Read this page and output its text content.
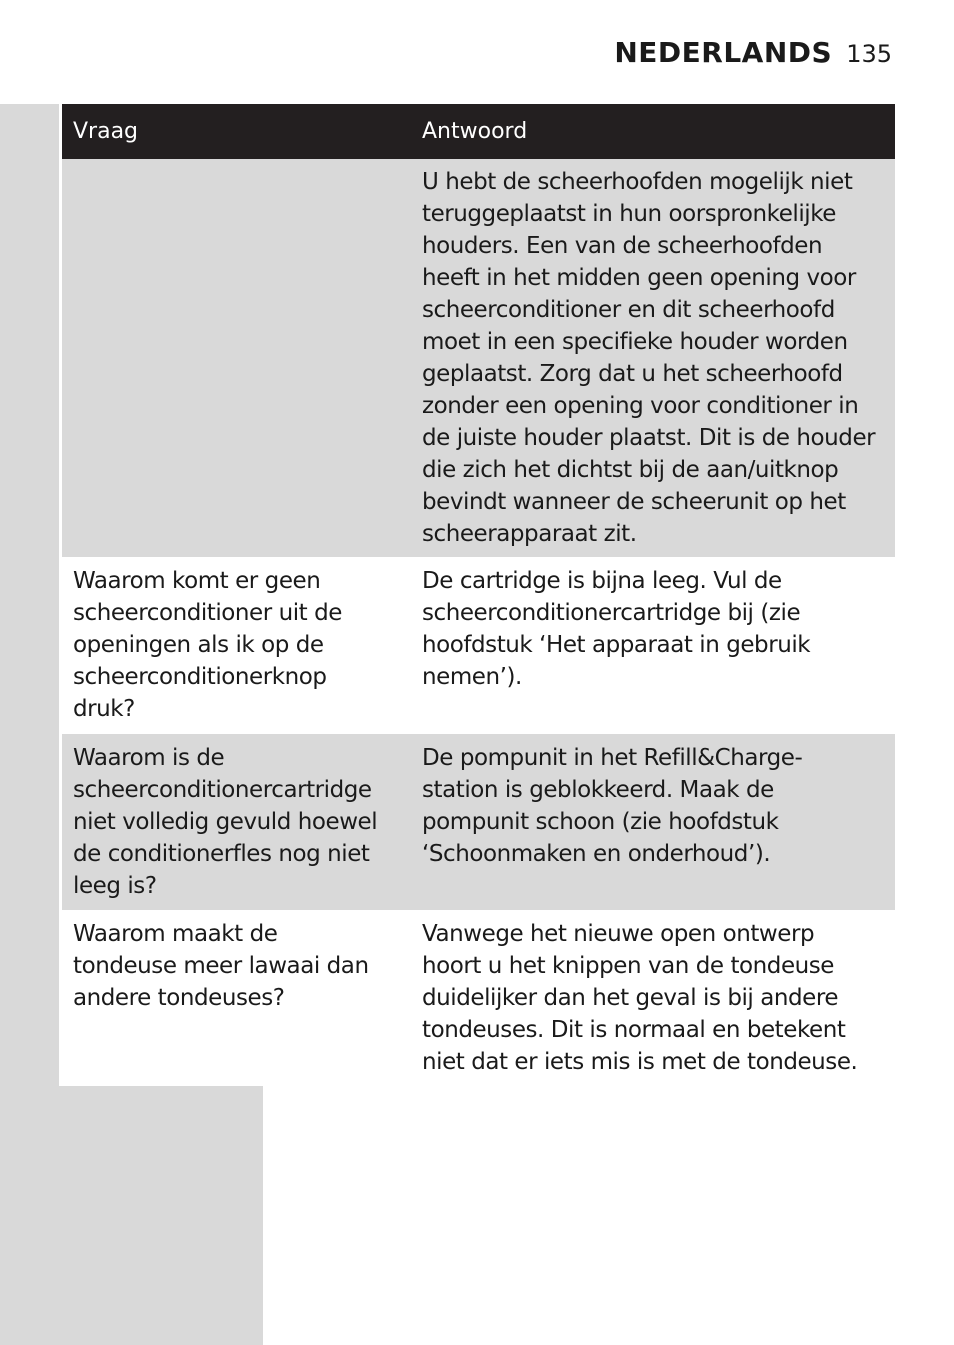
NEDERLANDS 135
Vraag	Antwoord
U hebt de scheerhoofden mogelijk niet
teruggeplaatst in hun oorspronkelijke
houders. Een van de scheerhoofden
heeft in het midden geen opening voor
scheerconditioner en dit scheerhoofd
moet in een specifieke houder worden
geplaatst. Zorg dat u het scheerhoofd
zonder een opening voor conditioner in
de juiste houder plaatst. Dit is de houder
die zich het dichtst bij de aan/uitknop
bevindt wanneer de scheerunit op het
scheerapparaat zit.
Waarom komt er geen
scheerconditioner uit de
openingen als ik op de
scheerconditionerknop
druk?
De cartridge is bijna leeg. Vul de
scheerconditionercartridge bij (zie
hoofdstuk ‘Het apparaat in gebruik
nemen’).
Waarom is de
scheerconditionercartridge
niet volledig gevuld hoewel
de conditionerfles nog niet
leeg is?
De pompunit in het Refill&Charge-
station is geblokkeerd. Maak de
pompunit schoon (zie hoofdstuk
‘Schoonmaken en onderhoud’).
Waarom maakt de
tondeuse meer lawaai dan
andere tondeuses?
Vanwege het nieuwe open ontwerp
hoort u het knippen van de tondeuse
duidelijker dan het geval is bij andere
tondeuses. Dit is normaal en betekent
niet dat er iets mis is met de tondeuse.
